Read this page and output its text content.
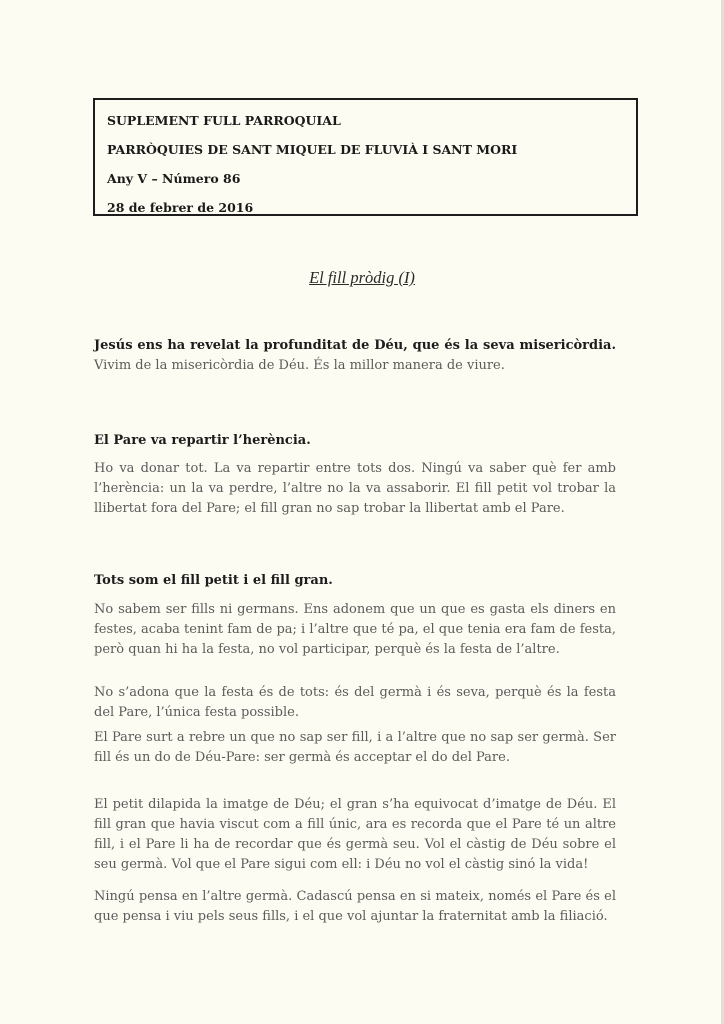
SUPLEMENT FULL PARROQUIAL
PARRÒQUIES DE SANT MIQUEL DE FLUVIÀ I SANT MORI
Any V – Número 86
28 de febrer de 2016
El fill pròdig (I)

Jesús ens ha revelat la profunditat de Déu, que és la seva misericòrdia. Vivim de la misericòrdia de Déu. És la millor manera de viure.

El Pare va repartir l’herència.

Ho va donar tot. La va repartir entre tots dos. Ningú va saber què fer amb l’herència: un la va perdre, l’altre no la va assaborir. El fill petit vol trobar la llibertat fora del Pare; el fill gran no sap trobar la llibertat amb el Pare.

Tots som el fill petit i el fill gran.

No sabem ser fills ni germans. Ens adonem que un que es gasta els diners en festes, acaba tenint fam de pa; i l’altre que té pa, el que tenia era fam de festa, però quan hi ha la festa, no vol participar, perquè és la festa de l’altre.

No s’adona que la festa és de tots: és del germà i és seva, perquè és la festa del Pare, l’única festa possible.

El Pare surt a rebre un que no sap ser fill, i a l’altre que no sap ser germà. Ser fill és un do de Déu-Pare: ser germà és acceptar el do del Pare.

El petit dilapida la imatge de Déu; el gran s’ha equivocat d’imatge de Déu. El fill gran que havia viscut com a fill únic, ara es recorda que el Pare té un altre fill, i el Pare li ha de recordar que és germà seu. Vol el càstig de Déu sobre el seu germà. Vol que el Pare sigui com ell: i Déu no vol el càstig sinó la vida!

Ningú pensa en l’altre germà. Cadascú pensa en si mateix, només el Pare és el que pensa i viu pels seus fills, i el que vol ajuntar la fraternitat amb la filiació.
